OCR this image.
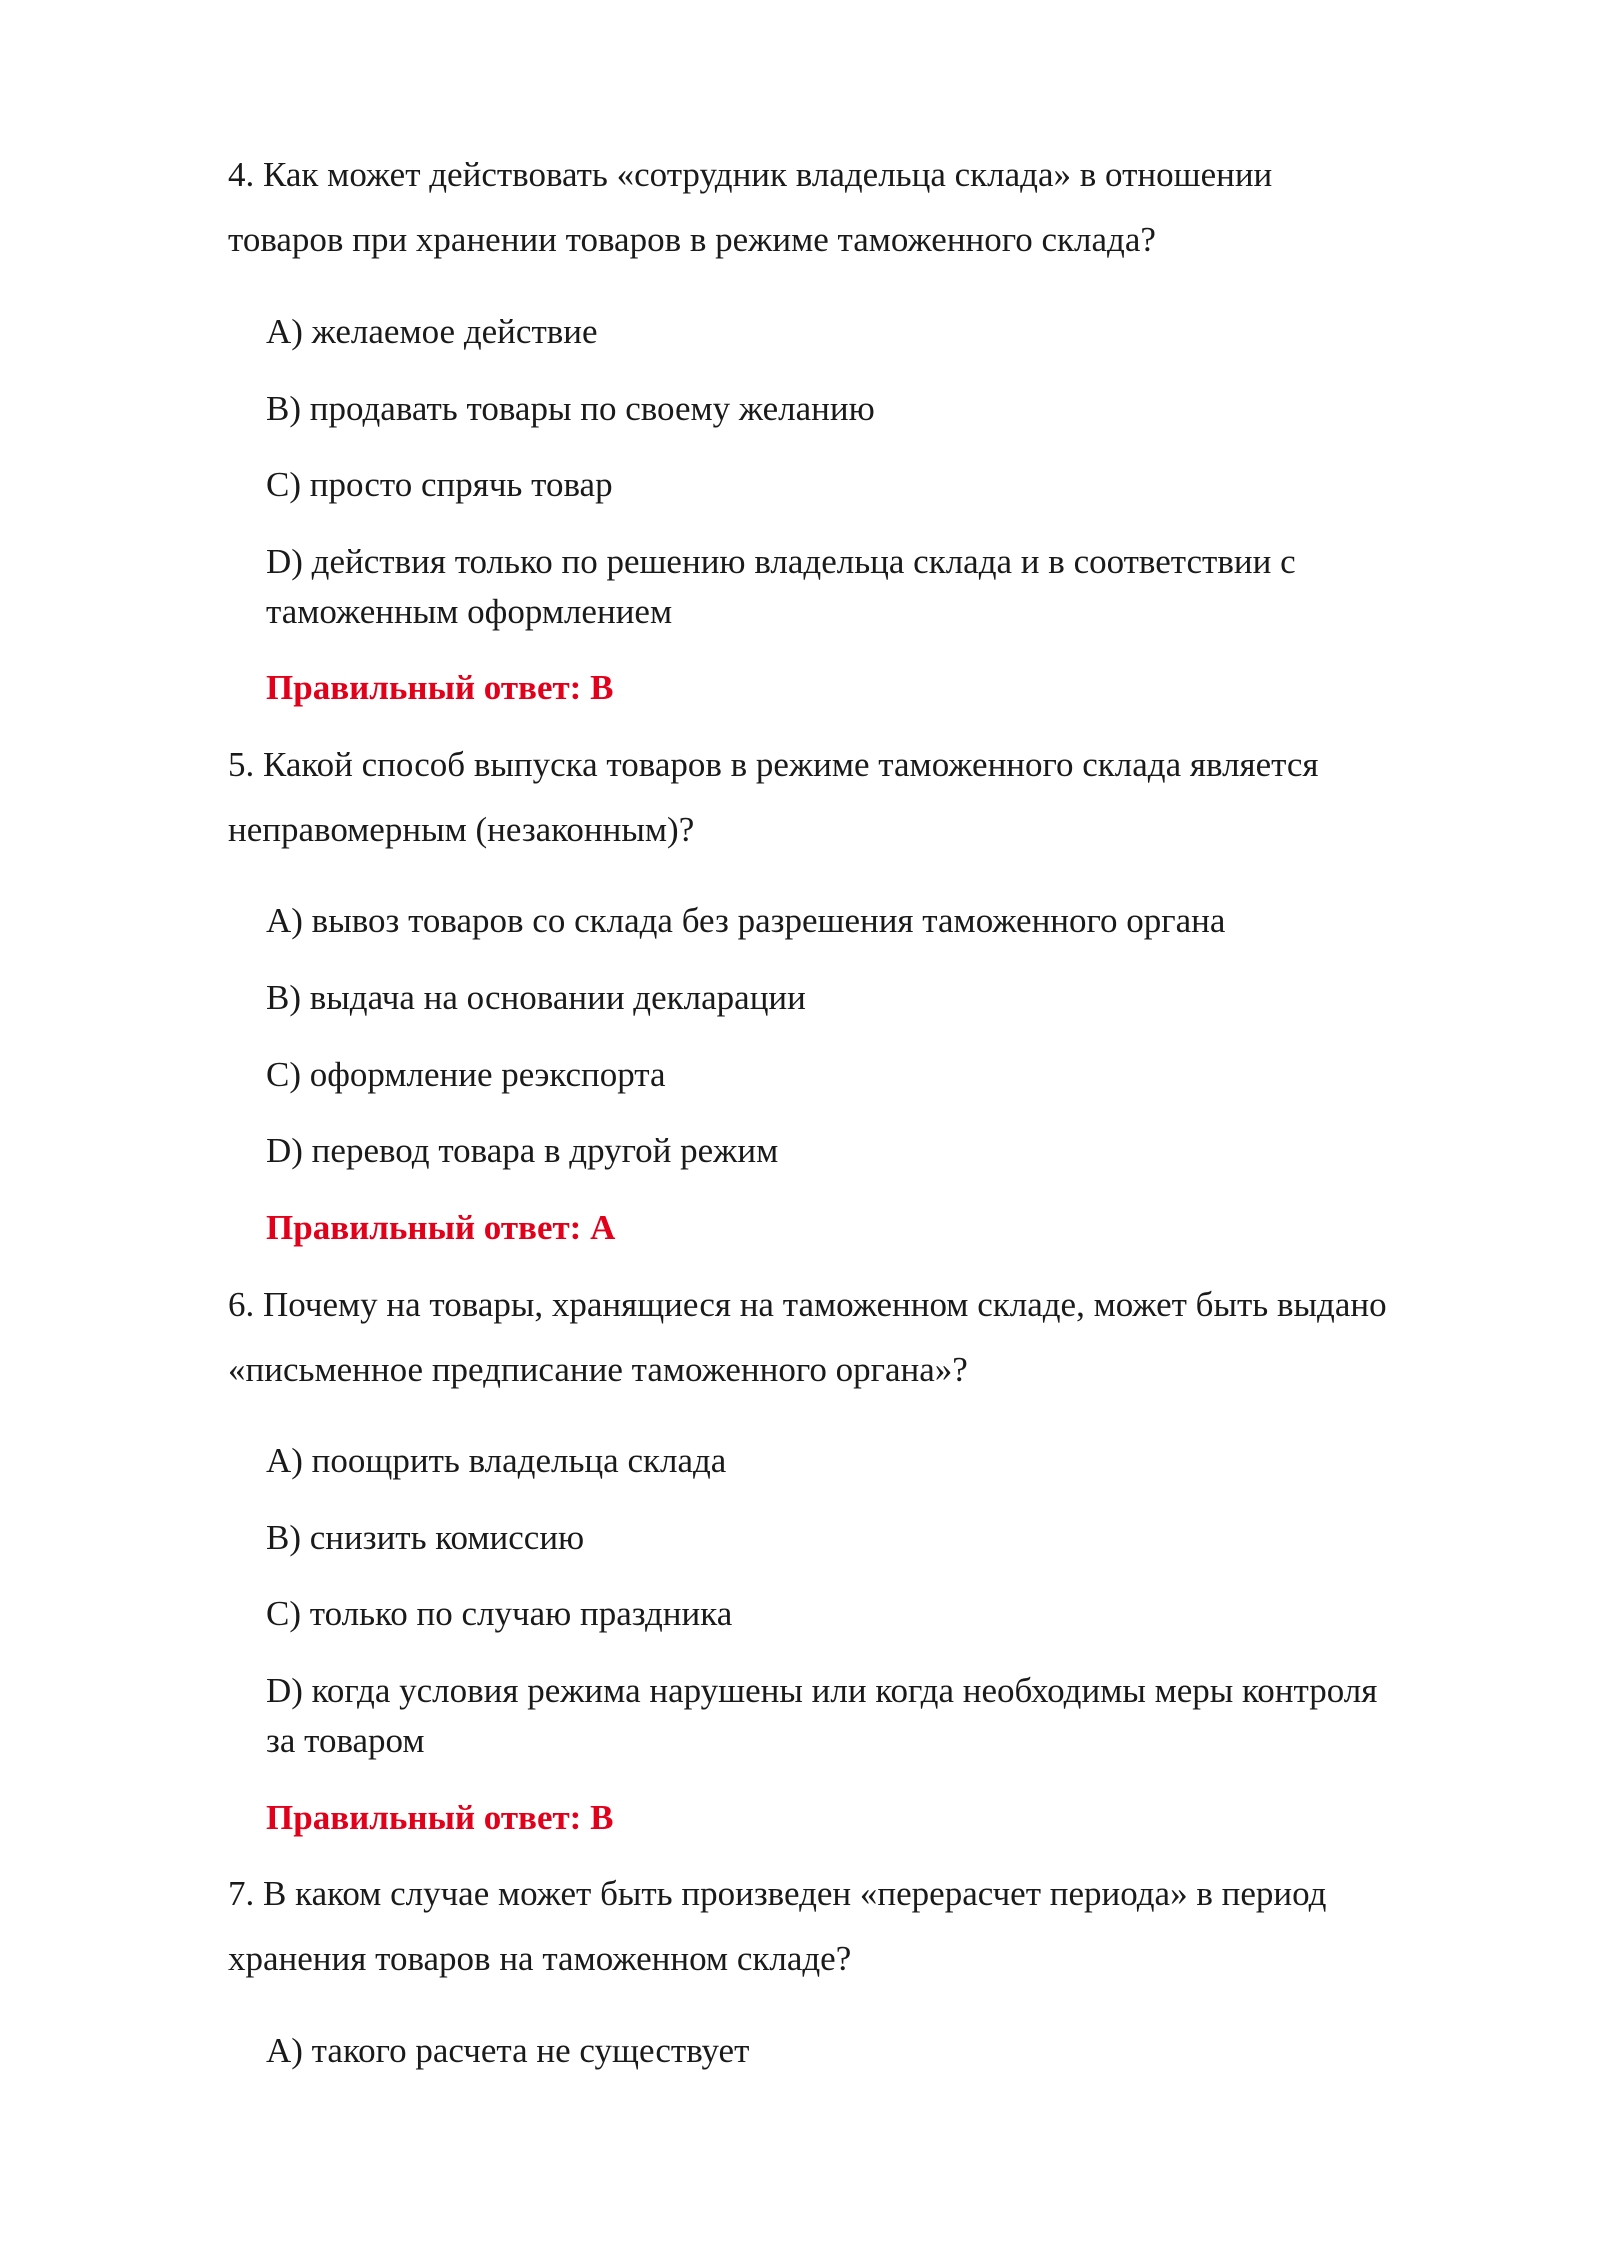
4. Как может действовать «сотрудник владельца склада» в отношении
товаров при хранении товаров в режиме таможенного склада?
A) желаемое действие
B) продавать товары по своему желанию
C) просто спрячь товар
D) действия только по решению владельца склада и в соответствии с
таможенным оформлением
Правильный ответ: B
5. Какой способ выпуска товаров в режиме таможенного склада является
неправомерным (незаконным)?
A) вывоз товаров со склада без разрешения таможенного органа
B) выдача на основании декларации
C) оформление реэкспорта
D) перевод товара в другой режим
Правильный ответ: A
6. Почему на товары, хранящиеся на таможенном складе, может быть выдано
«письменное предписание таможенного органа»?
A) поощрить владельца склада
B) снизить комиссию
C) только по случаю праздника
D) когда условия режима нарушены или когда необходимы меры контроля
за товаром
Правильный ответ: B
7. В каком случае может быть произведен «перерасчет периода» в период
хранения товаров на таможенном складе?
A) такого расчета не существует
